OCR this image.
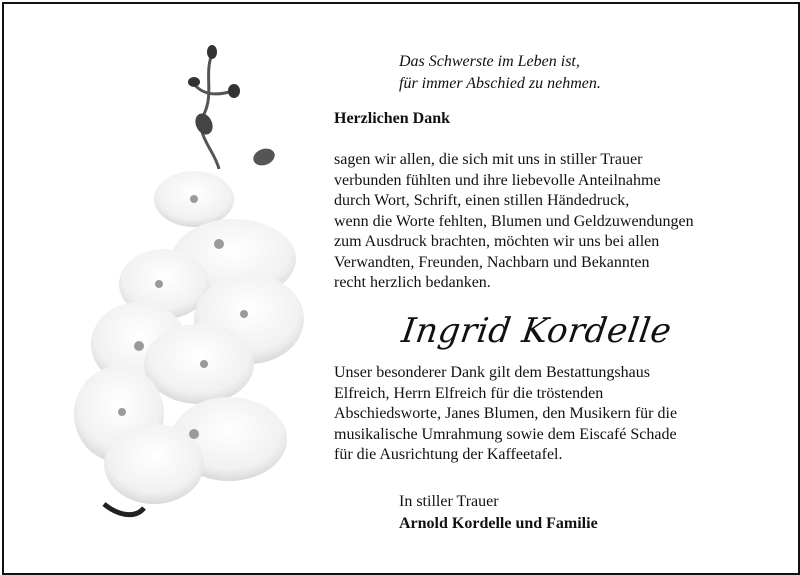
Das Schwerste im Leben ist,
für immer Abschied zu nehmen.
Herzlichen Dank
sagen wir allen, die sich mit uns in stiller Trauer
verbunden fühlten und ihre liebevolle Anteilnahme
durch Wort, Schrift, einen stillen Händedruck,
wenn die Worte fehlten, Blumen und Geldzuwendungen
zum Ausdruck brachten, möchten wir uns bei allen
Verwandten, Freunden, Nachbarn und Bekannten
recht herzlich bedanken.
Ingrid Kordelle
Unser besonderer Dank gilt dem Bestattungshaus
Elfreich, Herrn Elfreich für die tröstenden
Abschiedsworte, Janes Blumen, den Musikern für die
musikalische Umrahmung sowie dem Eiscafé Schade
für die Ausrichtung der Kaffeetafel.
In stiller Trauer
Arnold Kordelle und Familie
